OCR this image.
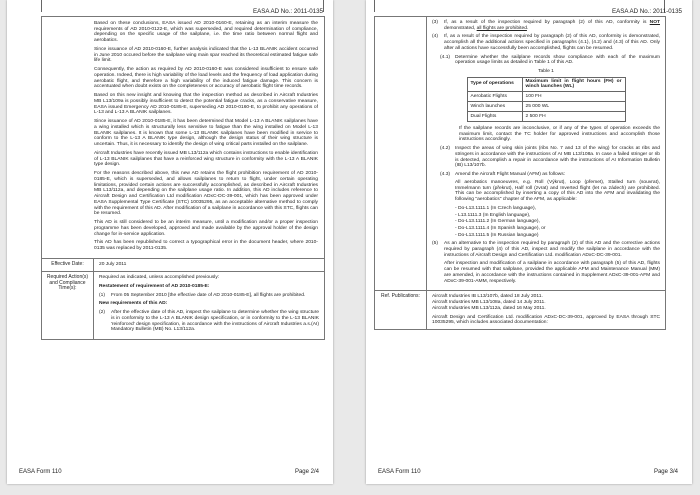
EASA AD No.: 2011-0135

Based on these conclusions, EASA issued AD 2010-0160-E, retaining as an interim measure the requirements of AD 2010-0122-E, which was superseded, and required determination of compliance, depending on the specific usage of the sailplane, i.e. the time ratio between normal flight and aerobatics.

Since issuance of AD 2010-0160-E, further analysis indicated that the L-13 BLANIK accident occurred in June 2010 occured before the sailplane wing main spar reached its theoretical estimated fatigue safe life limit.

Consequently, the action as required by AD 2010-0160-E was considered insufficient to ensure safe operation. Indeed, there is high variability of the load levels and the frequency of load application during aerobatic flight, and therefore a high variability of the induced fatigue damage. This concern is accentuated when doubt exists on the completeness or accuracy of aerobatic flight time records.

Based on this new insight and knowing that the inspection method as described in Aircraft Industries MB L13/109a is possibly insufficient to detect the potential fatigue cracks, as a conservative measure, EASA issued Emergency AD 2010-0185-E, superseding AD 2010-0160-E, to prohibit any operations of L-13 and L-13 A BLANIK sailplanes.

Since issuance of AD 2010-0185-E, it has been determined that Model L-13 A BLANIK sailplanes have a wing installed which is structurally less sensitive to fatigue than the wing installed on Model L-13 BLANIK sailplanes. It is known that some L-13 BLANIK sailplanes have been modified in service to conform to the L-13 A BLANIK type design, although the design status of their wing structure is uncertain. Thus, it is necessary to identify the design of wing critical parts installed on the sailplane.

Aircraft Industries have recently issued MB L13/112a which contains instructions to enable identification of L-13 BLANIK sailplanes that have a reinforced wing structure in conformity with the L-13 A BLANIK type design.

For the reasons described above, this new AD retains the flight prohibition requirement of AD 2010-0185-E, which is superseded, and allows sailplanes to return to flight, under certain operating limitations, provided certain actions are successfully accomplished, as described in Aircraft Industries MB L13/112a, and depending on the sailplane usage ratio. In addition, this AD includes reference to Aircraft Design and Certification Ltd modification ADxC-DC-39-001, which has been approved under EASA Supplemental Type Certificate (STC) 10035295, as an acceptable alternative method to comply with the requirement of this AD. After modification of a sailplane in accordance with this STC, flights can be resumed.

This AD is still considered to be an interim measure, until a modification and/or a proper inspection programme has been developed, approved and made available by the approval holder of the design change for in-service application.

This AD has been republished to correct a typographical error in the document header, where 2010-0135 was replaced by 2011-0135.

Effective Date:	20 July 2011
Required Action(s) and Compliance Time(s):

Required as indicated, unless accomplished previously:

Restatement of requirement of AD 2010-0185-E:

(1)	From 05 September 2010 [the effective date of AD 2010-0185-E], all flights are prohibited.

New requirements of this AD:

(2)	After the effective date of this AD, inspect the sailplane to determine whether the wing structure is in conformity to the L-13 A BLANIK design specification, or in conformity to the L-13 BLANIK 'reinforced' design specification, in accordance with the instructions of Aircraft Industries a.s.(AI) Mandatory Bulletin (MB) No. L13/112a.
EASA Form 110	Page 2/4
EASA AD No.: 2011-0135
(3)	If, as a result of the inspection required by paragraph (2) of this AD, conformity is NOT demonstrated, all flights are prohibited.
(4)	If, as a result of the inspection required by paragraph (2) of this AD, conformity is demonstrated, accomplish all the additional actions specified in paragraphs (4.1), (4.2) and (4.3) of this AD. Only after all actions have successfully been accomplished, flights can be resumed.
(4.1)	Determine whether the sailplane records show compliance with each of the maximum operation usage limits as detailed in Table 1 of this AD.
Table 1
Type of operations	Maximum limit in flight hours (FH) or winch launches (WL)
Aerobatic Flights	100 FH
Winch launches	25 000 WL
Dual Flights	2 500 FH

If the sailplane records are inconclusive, or if any of the types of operation exceeds the maximum limit, contact the TC holder for approved instructions and accomplish those instructions accordingly.

(4.2)	Inspect the areas of wing skin joints (ribs No. 7 and 13 of the wing) for cracks at ribs and stringers in accordance with the instructions of AI MB L13/108a. In case a failed stringer or rib is detected, accomplish a repair in accordance with the instructions of AI Information Bulletin (IB) L13/107b.
(4.3)	Amend the Aircraft Flight Manual (AFM) as follows:

All aerobatics manoeuvres, e.g. Roll (Výkrut), Loop (přemet), Stalled turn (souvrat), Immelmann turn (překrut), Half roll (zvrat) and Inverted flight (let na zádech) are prohibited. This can be accomplished by inserting a copy of this AD into the AFM and invalidating the following "aerobatics" chapter of the AFM, as applicable:

- Do-L13.1111.1 (In Czech language),
- L13.1111.3 (In English language),
- Do-L13.1111.2 (In German language),
- Do-L13.1111.4 (In Spanish language), or
- Do-L13.1111.5 (In Russian language)
(5)	As an alternative to the inspection required by paragraph (2) of this AD and the corrective actions required by paragraph (4) of this AD, inspect and modify the sailplane in accordance with the instructions of Aircraft Design and Certification Ltd. modification ADxC-DC-39-001.

After inspection and modification of a sailplane in accordance with paragraph (5) of this AD, flights can be resumed with that sailplane, provided the applicable AFM and Maintenance Manual (MM) are amended, in accordance with the instructions contained in Supplement ADxC-39-001-AFM and ADxC-39-001-AMM, respectively.

Ref. Publications:	Aircraft Industries IB L13/107b, dated 18 July 2011.

Aircraft Industries MB L13/108a, dated 14 July 2011.

Aircraft Industries MB L13/112a, dated 16 May 2011.

Aircraft Design and Certification Ltd. modification ADxC-DC-39-001, approved by EASA through STC 10035295, which includes associated documentation:

EASA Form 110	Page 3/4
